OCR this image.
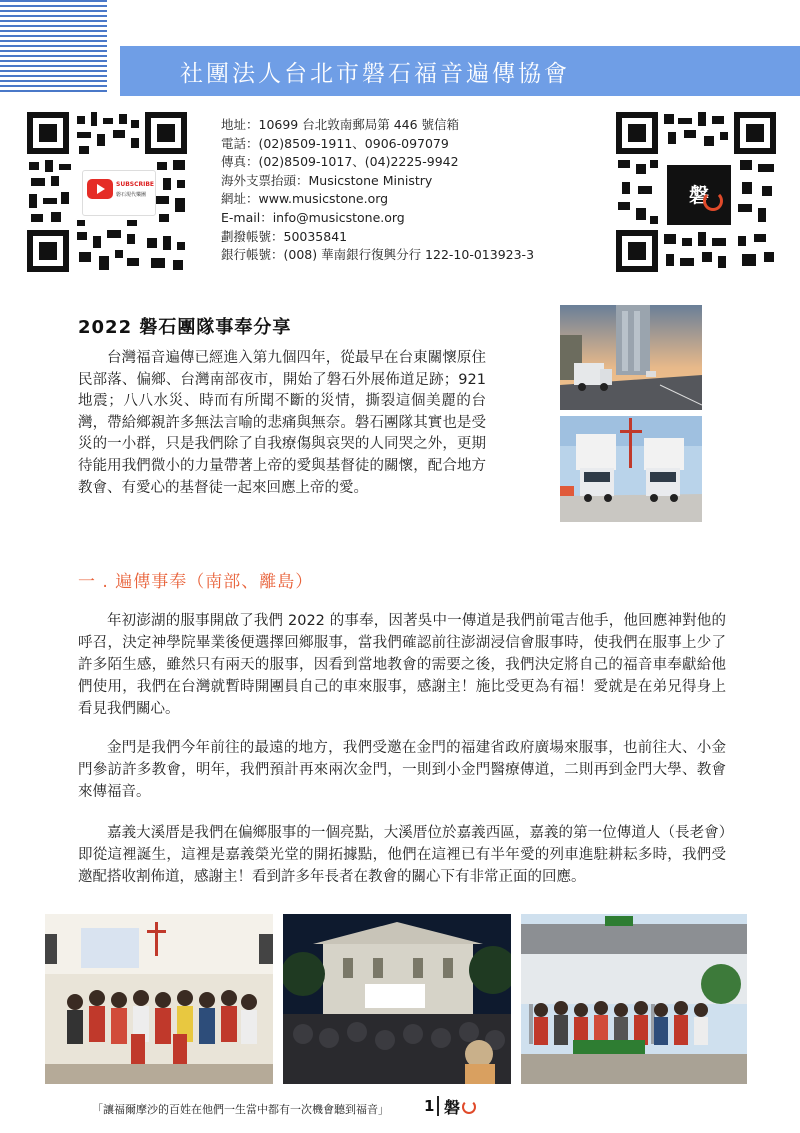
社團法人台北市磐石福音遍傳協會
SUBSCRIBE
磐石現代樂團
地址：10699 台北敦南郵局第 446 號信箱
電話：(02)8509-1911、0906-097079
傳真：(02)8509-1017、(04)2225-9942
海外支票抬頭：Musicstone Ministry
網址：www.musicstone.org
E-mail：info@musicstone.org
劃撥帳號：50035841
銀行帳號：(008) 華南銀行復興分行 122-10-013923-3
磐
2022 磐石團隊事奉分享
台灣福音遍傳已經進入第九個四年，從最早在台東關懷原住民部落、偏鄉、台灣南部夜市，開始了磐石外展佈道足跡；921 地震；八八水災、時而有所聞不斷的災情，撕裂這個美麗的台灣，帶給鄉親許多無法言喻的悲痛與無奈。磐石團隊其實也是受災的一小群，只是我們除了自我療傷與哀哭的人同哭之外，更期待能用我們微小的力量帶著上帝的愛與基督徒的關懷，配合地方教會、有愛心的基督徒一起來回應上帝的愛。
一 . 遍傳事奉（南部、離島）
年初澎湖的服事開啟了我們 2022 的事奉，因著吳中一傳道是我們前電吉他手，他回應神對他的呼召，決定神學院畢業後便選擇回鄉服事，當我們確認前往澎湖浸信會服事時，使我們在服事上少了許多陌生感，雖然只有兩天的服事，因看到當地教會的需要之後，我們決定將自己的福音車奉獻給他們使用，我們在台灣就暫時開團員自己的車來服事，感謝主！施比受更為有福！愛就是在弟兄得身上看見我們關心。
金門是我們今年前往的最遠的地方，我們受邀在金門的福建省政府廣場來服事，也前往大、小金門參訪許多教會，明年，我們預計再來兩次金門，一則到小金門醫療傳道，二則再到金門大學、教會來傳福音。
嘉義大溪厝是我們在偏鄉服事的一個亮點，大溪厝位於嘉義西區，嘉義的第一位傳道人（長老會）即從這裡誕生，這裡是嘉義榮光堂的開拓據點，他們在這裡已有半年愛的列車進駐耕耘多時，我們受邀配搭收割佈道，感謝主！看到許多年長者在教會的關心下有非常正面的回應。
「讓福爾摩沙的百姓在他們一生當中都有一次機會聽到福音」 1 磐
